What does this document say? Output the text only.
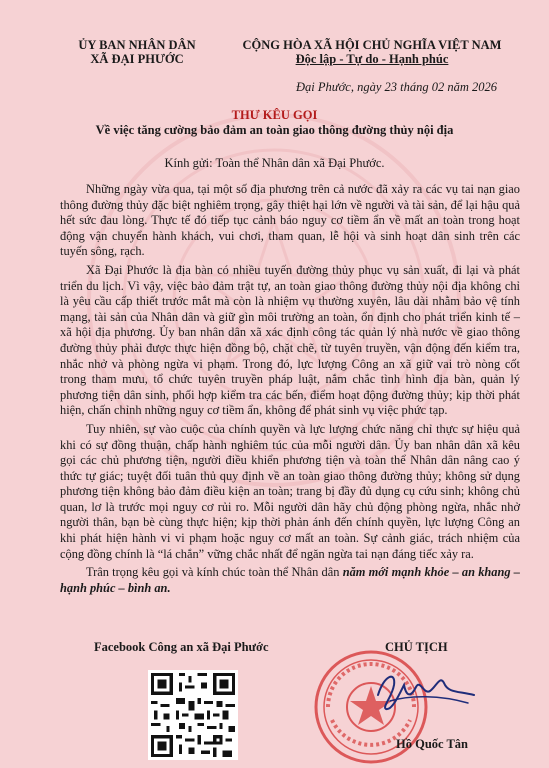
ỦY BAN NHÂN DÂN
XÃ ĐẠI PHƯỚC
CỘNG HÒA XÃ HỘI CHỦ NGHĨA VIỆT NAM
Độc lập - Tự do - Hạnh phúc
Đại Phước, ngày 23 tháng 02 năm 2026
THƯ KÊU GỌI
Về việc tăng cường bảo đảm an toàn giao thông đường thủy nội địa
Kính gửi: Toàn thể Nhân dân xã Đại Phước.

Những ngày vừa qua, tại một số địa phương trên cả nước đã xảy ra các vụ tai nạn giao thông đường thủy đặc biệt nghiêm trọng, gây thiệt hại lớn về người và tài sản, để lại hậu quả hết sức đau lòng. Thực tế đó tiếp tục cảnh báo nguy cơ tiềm ẩn về mất an toàn trong hoạt động vận chuyển hành khách, vui chơi, tham quan, lễ hội và sinh hoạt dân sinh trên các tuyến sông, rạch.

Xã Đại Phước là địa bàn có nhiều tuyến đường thủy phục vụ sản xuất, đi lại và phát triển du lịch. Vì vậy, việc bảo đảm trật tự, an toàn giao thông đường thủy nội địa không chỉ là yêu cầu cấp thiết trước mắt mà còn là nhiệm vụ thường xuyên, lâu dài nhằm bảo vệ tính mạng, tài sản của Nhân dân và giữ gìn môi trường an toàn, ổn định cho phát triển kinh tế – xã hội địa phương. Ủy ban nhân dân xã xác định công tác quản lý nhà nước về giao thông đường thủy phải được thực hiện đồng bộ, chặt chẽ, từ tuyên truyền, vận động đến kiểm tra, nhắc nhở và phòng ngừa vi phạm. Trong đó, lực lượng Công an xã giữ vai trò nòng cốt trong tham mưu, tổ chức tuyên truyền pháp luật, nắm chắc tình hình địa bàn, quản lý phương tiện dân sinh, phối hợp kiểm tra các bến, điểm hoạt động đường thủy; kịp thời phát hiện, chấn chỉnh những nguy cơ tiềm ẩn, không để phát sinh vụ việc phức tạp.

Tuy nhiên, sự vào cuộc của chính quyền và lực lượng chức năng chỉ thực sự hiệu quả khi có sự đồng thuận, chấp hành nghiêm túc của mỗi người dân. Ủy ban nhân dân xã kêu gọi các chủ phương tiện, người điều khiển phương tiện và toàn thể Nhân dân nâng cao ý thức tự giác; tuyệt đối tuân thủ quy định về an toàn giao thông đường thủy; không sử dụng phương tiện không bảo đảm điều kiện an toàn; trang bị đầy đủ dụng cụ cứu sinh; không chủ quan, lơ là trước mọi nguy cơ rủi ro. Mỗi người dân hãy chủ động phòng ngừa, nhắc nhở người thân, bạn bè cùng thực hiện; kịp thời phản ánh đến chính quyền, lực lượng Công an khi phát hiện hành vi vi phạm hoặc nguy cơ mất an toàn. Sự cảnh giác, trách nhiệm của cộng đồng chính là “lá chắn” vững chắc nhất để ngăn ngừa tai nạn đáng tiếc xảy ra.

Trân trọng kêu gọi và kính chúc toàn thể Nhân dân năm mới mạnh khỏe – an khang – hạnh phúc – bình an.

Facebook Công an xã Đại Phước	CHỦ TỊCH
Hồ Quốc Tân
